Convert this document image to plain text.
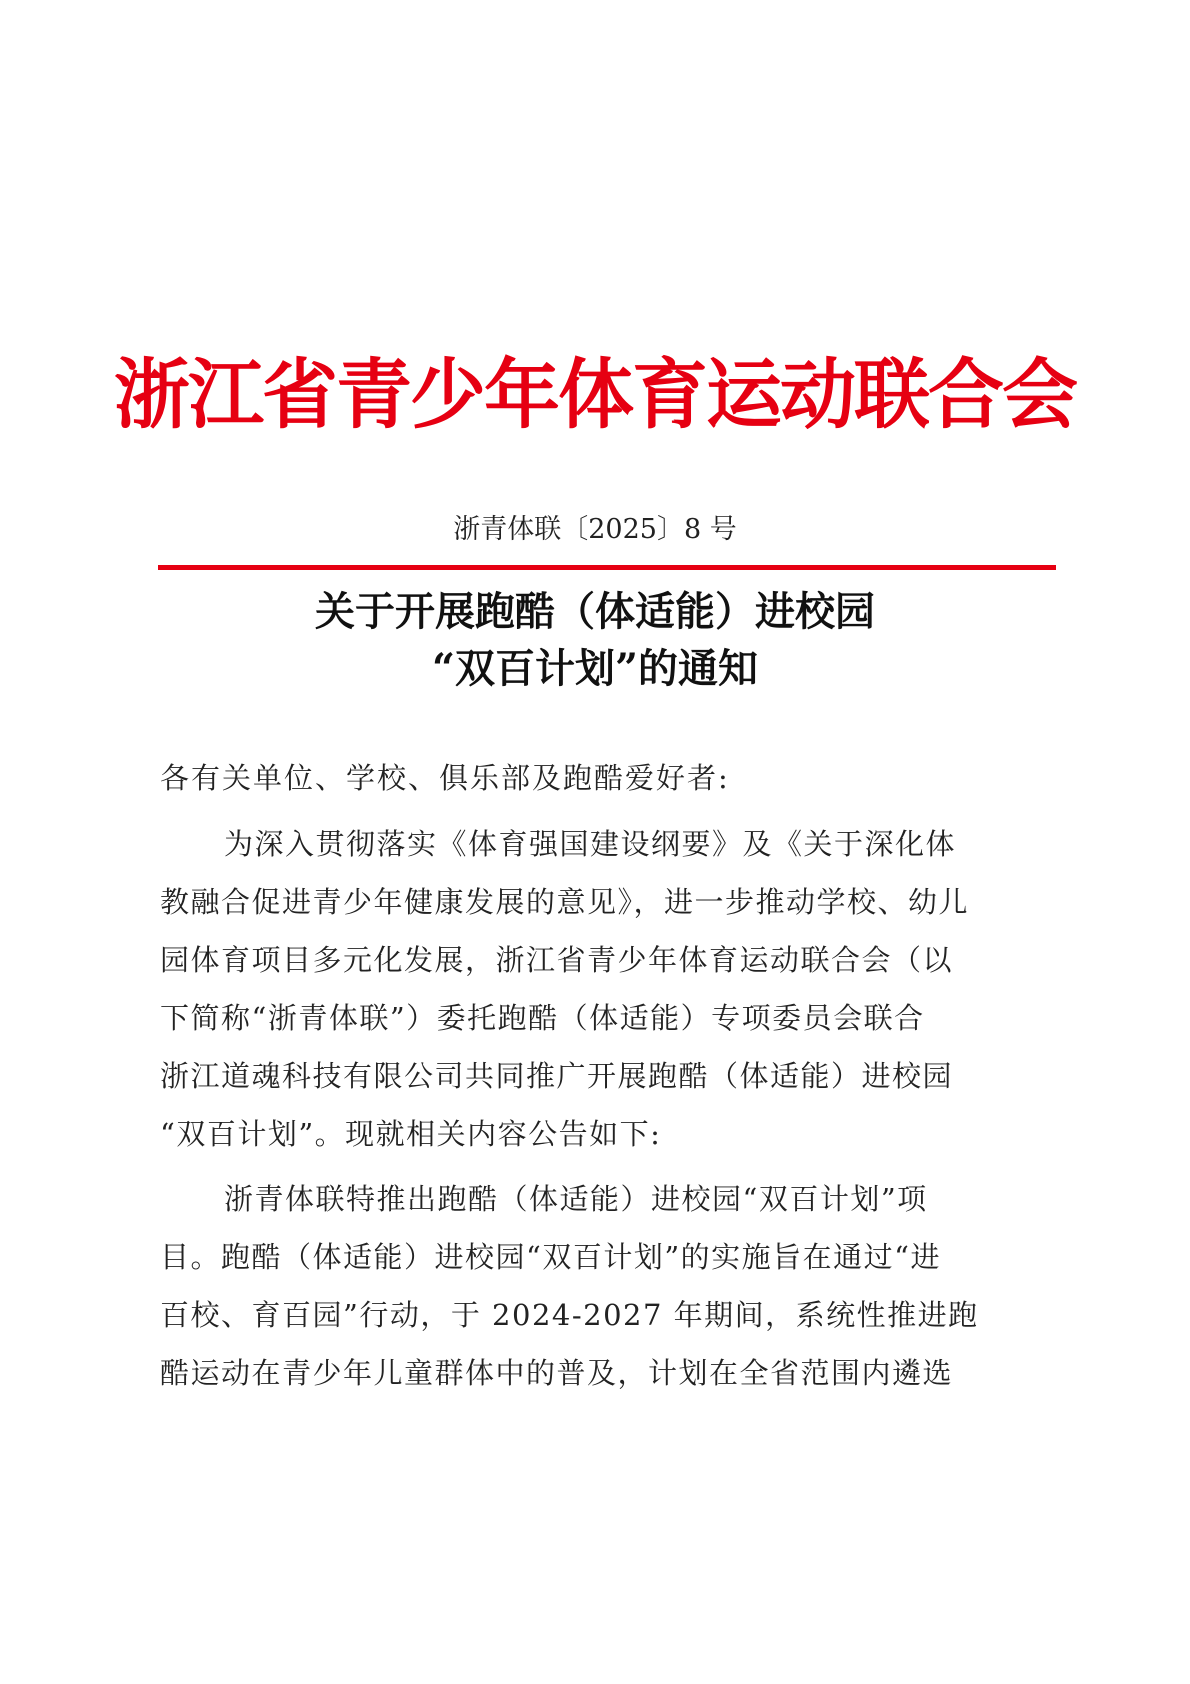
浙江省青少年体育运动联合会
浙青体联〔2025〕8 号
关于开展跑酷（体适能）进校园
“双百计划”的通知
各有关单位、学校、俱乐部及跑酷爱好者:
为深入贯彻落实《体育强国建设纲要》及《关于深化体
教融合促进青少年健康发展的意见》，进一步推动学校、幼儿
园体育项目多元化发展，浙江省青少年体育运动联合会（以
下简称“浙青体联”）委托跑酷（体适能）专项委员会联合
浙江道魂科技有限公司共同推广开展跑酷（体适能）进校园
“双百计划”。现就相关内容公告如下:
浙青体联特推出跑酷（体适能）进校园“双百计划”项
目。跑酷（体适能）进校园“双百计划”的实施旨在通过“进
百校、育百园”行动，于 2024-2027 年期间，系统性推进跑
酷运动在青少年儿童群体中的普及，计划在全省范围内遴选
